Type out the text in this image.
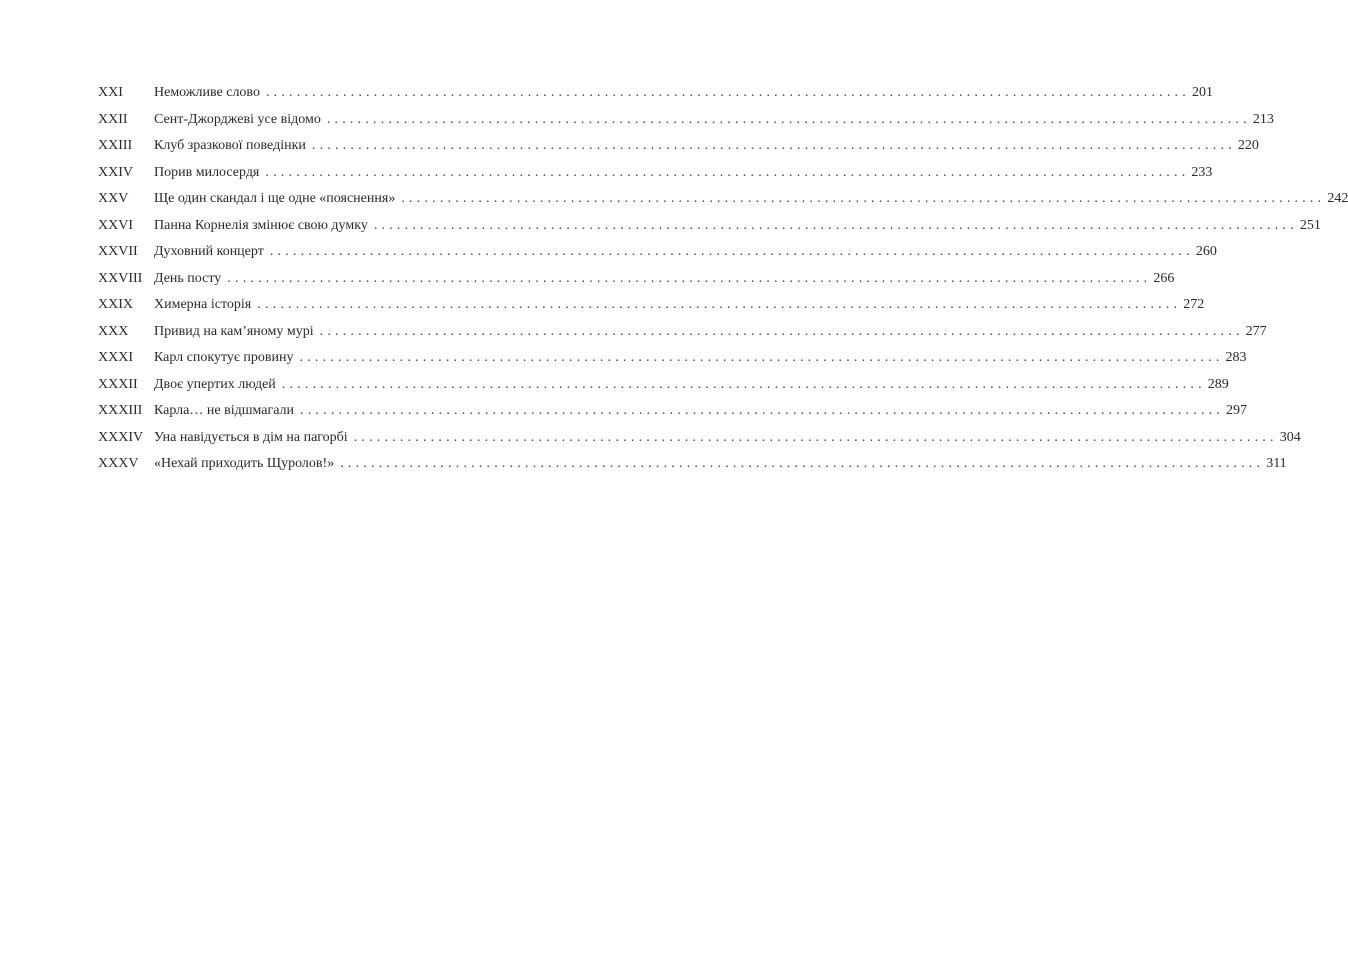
XXI	Неможливе слово ........................................................................................................................ 201
XXII	Сент-Джорджеві усе відомо ........................................................................................................................ 213
XXIII	Клуб зразкової поведінки ........................................................................................................................ 220
XXIV	Порив милосердя ........................................................................................................................ 233
XXV	Ще один скандал і ще одне «пояснення» ........................................................................................................................ 242
XXVI	Панна Корнелія змінює свою думку ........................................................................................................................ 251
XXVII	Духовний концерт ........................................................................................................................ 260
XXVIII День посту ........................................................................................................................ 266
XXIX	Химерна історія ........................................................................................................................ 272
XXX	Привид на кам’яному мурі ........................................................................................................................ 277
XXXI	Карл спокутує провину ........................................................................................................................ 283
XXXII	Двоє упертих людей ........................................................................................................................ 289
XXXIII Карла… не відшмагали ........................................................................................................................ 297
XXXIV Уна навідується в дім на пагорбі ........................................................................................................................ 304
XXXV	«Нехай приходить Щуролов!» ........................................................................................................................ 311
